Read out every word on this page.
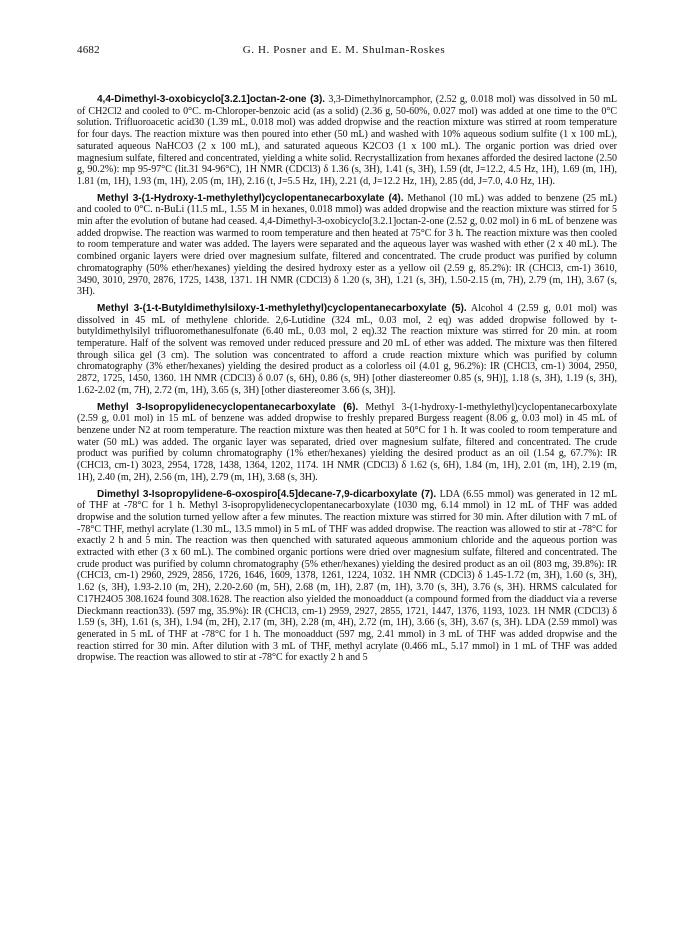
4682	G. H. Posner and E. M. Shulman-Roskes

4,4-Dimethyl-3-oxobicyclo[3.2.1]octan-2-one (3). 3,3-Dimethylnorcamphor, (2.52 g, 0.018 mol) was dissolved in 50 mL of CH2Cl2 and cooled to 0°C. m-Chloroper-benzoic acid (as a solid) (2.36 g, 50-60%, 0.027 mol) was added at one time to the 0°C solution. Trifluoroacetic acid30 (1.39 mL, 0.018 mol) was added dropwise and the reaction mixture was stirred at room temperature for four days. The reaction mixture was then poured into ether (50 mL) and washed with 10% aqueous sodium sulfite (1 x 100 mL), saturated aqueous NaHCO3 (2 x 100 mL), and saturated aqueous K2CO3 (1 x 100 mL). The organic portion was dried over magnesium sulfate, filtered and concentrated, yielding a white solid. Recrystallization from hexanes afforded the desired lactone (2.50 g, 90.2%): mp 95-97°C (lit.31 94-96°C), 1H NMR (CDCl3) δ 1.36 (s, 3H), 1.41 (s, 3H), 1.59 (dt, J=12.2, 4.5 Hz, 1H), 1.69 (m, 1H), 1.81 (m, 1H), 1.93 (m, 1H), 2.05 (m, 1H), 2.16 (t, J=5.5 Hz, 1H), 2.21 (d, J=12.2 Hz, 1H), 2.85 (dd, J=7.0, 4.0 Hz, 1H).

Methyl 3-(1-Hydroxy-1-methylethyl)cyclopentanecarboxylate (4). Methanol (10 mL) was added to benzene (25 mL) and cooled to 0°C. n-BuLi (11.5 mL, 1.55 M in hexanes, 0.018 mmol) was added dropwise and the reaction mixture was stirred for 5 min after the evolution of butane had ceased. 4,4-Dimethyl-3-oxobicyclo[3.2.1]octan-2-one (2.52 g, 0.02 mol) in 6 mL of benzene was added dropwise. The reaction was warmed to room temperature and then heated at 75°C for 3 h. The reaction mixture was then cooled to room temperature and water was added. The layers were separated and the aqueous layer was washed with ether (2 x 40 mL). The combined organic layers were dried over magnesium sulfate, filtered and concentrated. The crude product was purified by column chromatography (50% ether/hexanes) yielding the desired hydroxy ester as a yellow oil (2.59 g, 85.2%): IR (CHCl3, cm-1) 3610, 3490, 3010, 2970, 2876, 1725, 1438, 1371. 1H NMR (CDCl3) δ 1.20 (s, 3H), 1.21 (s, 3H), 1.50-2.15 (m, 7H), 2.79 (m, 1H), 3.67 (s, 3H).

Methyl 3-(1-t-Butyldimethylsiloxy-1-methylethyl)cyclopentanecarboxylate (5). Alcohol 4 (2.59 g, 0.01 mol) was dissolved in 45 mL of methylene chloride. 2,6-Lutidine (324 mL, 0.03 mol, 2 eq) was added dropwise followed by t- butyldimethylsilyl trifluoromethanesulfonate (6.40 mL, 0.03 mol, 2 eq).32 The reaction mixture was stirred for 20 min. at room temperature. Half of the solvent was removed under reduced pressure and 20 mL of ether was added. The mixture was then filtered through silica gel (3 cm). The solution was concentrated to afford a crude reaction mixture which was purified by column chromatography (3% ether/hexanes) yielding the desired product as a colorless oil (4.01 g, 96.2%): IR (CHCl3, cm-1) 3004, 2950, 2872, 1725, 1450, 1360. 1H NMR (CDCl3) δ 0.07 (s, 6H), 0.86 (s, 9H) [other diastereomer 0.85 (s, 9H)], 1.18 (s, 3H), 1.19 (s, 3H), 1.62-2.02 (m, 7H), 2.72 (m, 1H), 3.65 (s, 3H) [other diastereomer 3.66 (s, 3H)].

Methyl 3-Isopropylidenecyclopentanecarboxylate (6). Methyl 3-(1-hydroxy-1-methylethyl)cyclopentanecarboxylate (2.59 g, 0.01 mol) in 15 mL of benzene was added dropwise to freshly prepared Burgess reagent (8.06 g, 0.03 mol) in 45 mL of benzene under N2 at room temperature. The reaction mixture was then heated at 50°C for 1 h. It was cooled to room temperature and water (50 mL) was added. The organic layer was separated, dried over magnesium sulfate, filtered and concentrated. The crude product was purified by column chromatography (1% ether/hexanes) yielding the desired product as an oil (1.54 g, 67.7%): IR (CHCl3, cm-1) 3023, 2954, 1728, 1438, 1364, 1202, 1174. 1H NMR (CDCl3) δ 1.62 (s, 6H), 1.84 (m, 1H), 2.01 (m, 1H), 2.19 (m, 1H), 2.40 (m, 2H), 2.56 (m, 1H), 2.79 (m, 1H), 3.68 (s, 3H).

Dimethyl 3-Isopropylidene-6-oxospiro[4.5]decane-7,9-dicarboxylate (7). LDA (6.55 mmol) was generated in 12 mL of THF at -78°C for 1 h. Methyl 3-isopropylidenecyclopentanecarboxylate (1030 mg, 6.14 mmol) in 12 mL of THF was added dropwise and the solution turned yellow after a few minutes. The reaction mixture was stirred for 30 min. After dilution with 7 mL of -78°C THF, methyl acrylate (1.30 mL, 13.5 mmol) in 5 mL of THF was added dropwise. The reaction was allowed to stir at -78°C for exactly 2 h and 5 min. The reaction was then quenched with saturated aqueous ammonium chloride and the aqueous portion was extracted with ether (3 x 60 mL). The combined organic portions were dried over magnesium sulfate, filtered and concentrated. The crude product was purified by column chromatography (5% ether/hexanes) yielding the desired product as an oil (803 mg, 39.8%): IR (CHCl3, cm-1) 2960, 2929, 2856, 1726, 1646, 1609, 1378, 1261, 1224, 1032. 1H NMR (CDCl3) δ 1.45-1.72 (m, 3H), 1.60 (s, 3H), 1.62 (s, 3H), 1.93-2.10 (m, 2H), 2.20-2.60 (m, 5H), 2.68 (m, 1H), 2.87 (m, 1H), 3.70 (s, 3H), 3.76 (s, 3H). HRMS calculated for C17H24O5 308.1624 found 308.1628. The reaction also yielded the monoadduct (a compound formed from the diadduct via a reverse Dieckmann reaction33). (597 mg, 35.9%): IR (CHCl3, cm-1) 2959, 2927, 2855, 1721, 1447, 1376, 1193, 1023. 1H NMR (CDCl3) δ 1.59 (s, 3H), 1.61 (s, 3H), 1.94 (m, 2H), 2.17 (m, 3H), 2.28 (m, 4H), 2.72 (m, 1H), 3.66 (s, 3H), 3.67 (s, 3H). LDA (2.59 mmol) was generated in 5 mL of THF at -78°C for 1 h. The monoadduct (597 mg, 2.41 mmol) in 3 mL of THF was added dropwise and the reaction stirred for 30 min. After dilution with 3 mL of THF, methyl acrylate (0.466 mL, 5.17 mmol) in 1 mL of THF was added dropwise. The reaction was allowed to stir at -78°C for exactly 2 h and 5
